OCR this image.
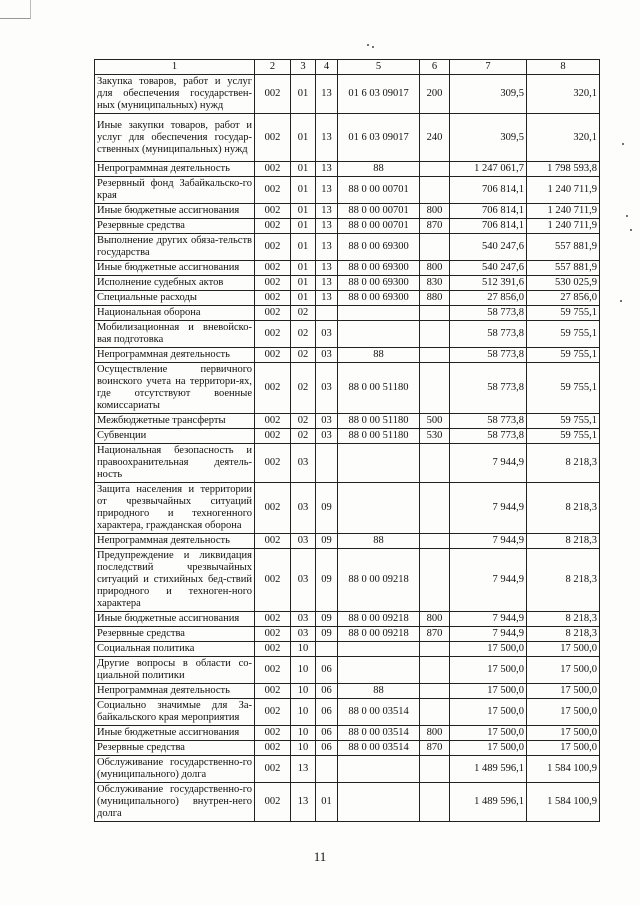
1	2	3	4	5	6	7	8
Закупка товаров, работ и услуг для обеспечения государствен-ных (муниципальных) нужд	002	01	13	01 6 03 09017	200	309,5	320,1
Иные закупки товаров, работ и услуг для обеспечения государ-ственных (муниципальных) нужд	002	01	13	01 6 03 09017	240	309,5	320,1
Непрограммная деятельность	002	01	13	88		1 247 061,7	1 798 593,8
Резервный фонд Забайкальско-го края	002	01	13	88 0 00 00701		706 814,1	1 240 711,9
Иные бюджетные ассигнования	002	01	13	88 0 00 00701	800	706 814,1	1 240 711,9
Резервные средства	002	01	13	88 0 00 00701	870	706 814,1	1 240 711,9
Выполнение других обяза-тельств государства	002	01	13	88 0 00 69300		540 247,6	557 881,9
Иные бюджетные ассигнования	002	01	13	88 0 00 69300	800	540 247,6	557 881,9
Исполнение судебных актов	002	01	13	88 0 00 69300	830	512 391,6	530 025,9
Специальные расходы	002	01	13	88 0 00 69300	880	27 856,0	27 856,0
Национальная оборона	002	02				58 773,8	59 755,1
Мобилизационная и вневойско-вая подготовка	002	02	03			58 773,8	59 755,1
Непрограммная деятельность	002	02	03	88		58 773,8	59 755,1
Осуществление первичного воинского учета на территори-ях, где отсутствуют военные комиссариаты	002	02	03	88 0 00 51180		58 773,8	59 755,1
Межбюджетные трансферты	002	02	03	88 0 00 51180	500	58 773,8	59 755,1
Субвенции	002	02	03	88 0 00 51180	530	58 773,8	59 755,1
Национальная безопасность и правоохранительная деятель-ность	002	03				7 944,9	8 218,3
Защита населения и территории от чрезвычайных ситуаций природного и техногенного характера, гражданская оборона	002	03	09			7 944,9	8 218,3
Непрограммная деятельность	002	03	09	88		7 944,9	8 218,3
Предупреждение и ликвидация последствий чрезвычайных ситуаций и стихийных бед-ствий природного и техноген-ного характера	002	03	09	88 0 00 09218		7 944,9	8 218,3
Иные бюджетные ассигнования	002	03	09	88 0 00 09218	800	7 944,9	8 218,3
Резервные средства	002	03	09	88 0 00 09218	870	7 944,9	8 218,3
Социальная политика	002	10				17 500,0	17 500,0
Другие вопросы в области со-циальной политики	002	10	06			17 500,0	17 500,0
Непрограммная деятельность	002	10	06	88		17 500,0	17 500,0
Социально значимые для За-байкальского края мероприятия	002	10	06	88 0 00 03514		17 500,0	17 500,0
Иные бюджетные ассигнования	002	10	06	88 0 00 03514	800	17 500,0	17 500,0
Резервные средства	002	10	06	88 0 00 03514	870	17 500,0	17 500,0
Обслуживание государственно-го (муниципального) долга	002	13				1 489 596,1	1 584 100,9
Обслуживание государственно-го (муниципального) внутрен-него долга	002	13	01			1 489 596,1	1 584 100,9
11
